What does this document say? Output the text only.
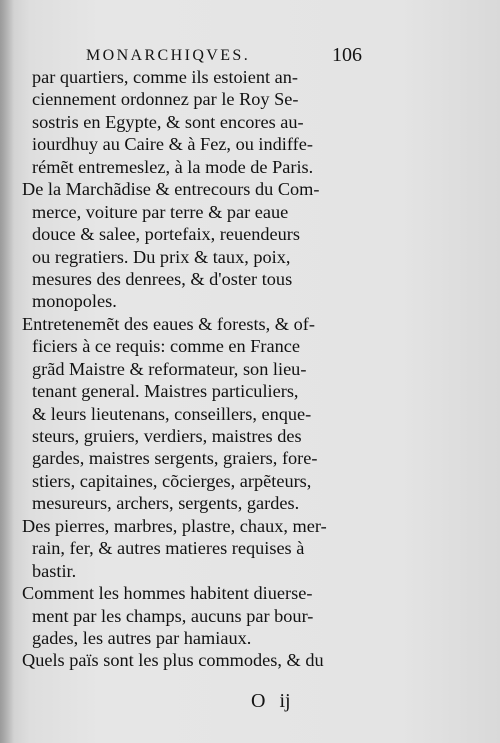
MONARCHIQVES.	106
par quartiers, comme ils estoient an-
ciennement ordonnez par le Roy Se-
sostris en Egypte, & sont encores au-
iourdhuy au Caire & à Fez, ou indiffe-
rémẽt entremeslez, à la mode de Paris.
De la Marchãdise & entrecours du Com-
merce, voiture par terre & par eaue
douce & salee, portefaix, reuendeurs
ou regratiers. Du prix & taux, poix,
mesures des denrees, & d'oster tous
monopoles.
Entretenemẽt des eaues & forests, & of-
ficiers à ce requis: comme en France
grãd Maistre & reformateur, son lieu-
tenant general. Maistres particuliers,
& leurs lieutenans, conseillers, enque-
steurs, gruiers, verdiers, maistres des
gardes, maistres sergents, graiers, fore-
stiers, capitaines, cõcierges, arpẽteurs,
mesureurs, archers, sergents, gardes.
Des pierres, marbres, plastre, chaux, mer-
rain, fer, & autres matieres requises à
bastir.
Comment les hommes habitent diuerse-
ment par les champs, aucuns par bour-
gades, les autres par hamiaux.
Quels païs sont les plus commodes, & du
O ij
